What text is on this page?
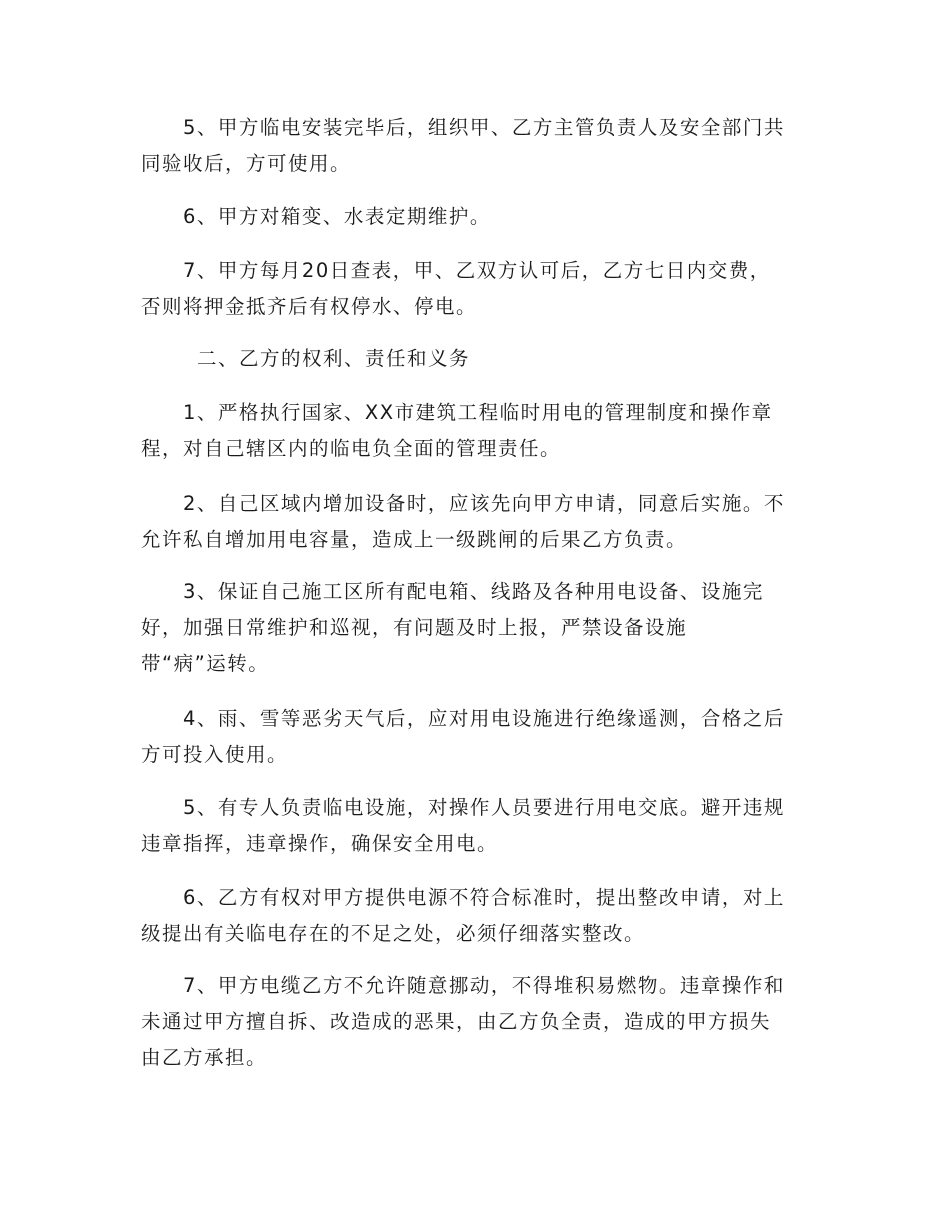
5、甲方临电安装完毕后，组织甲、乙方主管负责人及安全部门共
同验收后，方可使用。

6、甲方对箱变、水表定期维护。

7、甲方每月20日查表，甲、乙双方认可后，乙方七日内交费，
否则将押金抵齐后有权停水、停电。

二、乙方的权利、责任和义务

1、严格执行国家、XX市建筑工程临时用电的管理制度和操作章
程，对自己辖区内的临电负全面的管理责任。

2、自己区域内增加设备时，应该先向甲方申请，同意后实施。不
允许私自增加用电容量，造成上一级跳闸的后果乙方负责。

3、保证自己施工区所有配电箱、线路及各种用电设备、设施完
好，加强日常维护和巡视，有问题及时上报，严禁设备设施
带“病”运转。

4、雨、雪等恶劣天气后，应对用电设施进行绝缘遥测，合格之后
方可投入使用。

5、有专人负责临电设施，对操作人员要进行用电交底。避开违规
违章指挥，违章操作，确保安全用电。

6、乙方有权对甲方提供电源不符合标准时，提出整改申请，对上
级提出有关临电存在的不足之处，必须仔细落实整改。

7、甲方电缆乙方不允许随意挪动，不得堆积易燃物。违章操作和
未通过甲方擅自拆、改造成的恶果，由乙方负全责，造成的甲方损失
由乙方承担。
